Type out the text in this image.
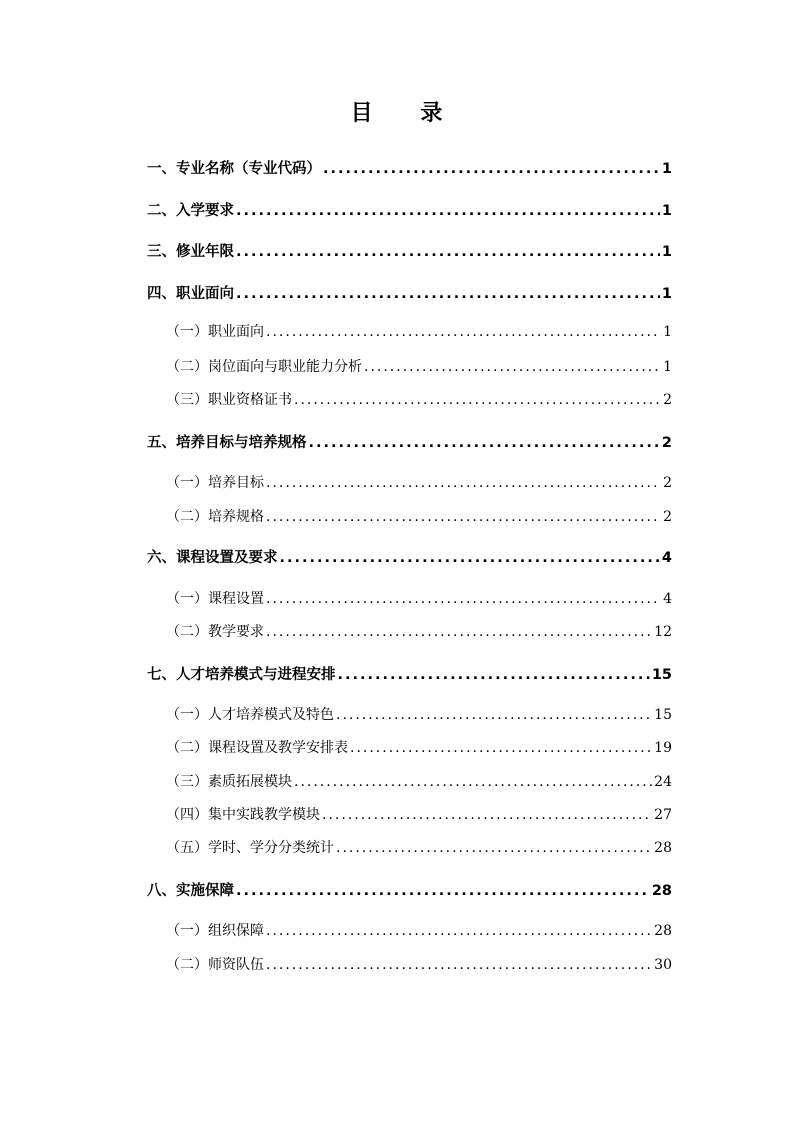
目 录
一、 专业名称（专业代码） .....	1
二、 入学要求 .....	1
三、 修业年限 .....	1
四、 职业面向 .....	1
（一） 职业面向 .....	1
（二） 岗位面向与职业能力分析 .....	1
（三） 职业资格证书 .....	2
五、 培养目标与培养规格 .....	2
（一） 培养目标 .....	2
（二） 培养规格 .....	2
六、 课程设置及要求 .....	4
（一） 课程设置 .....	4
（二） 教学要求 .....	12
七、 人才培养模式与进程安排 .....	15
（一） 人才培养模式及特色 .....	15
（二） 课程设置及教学安排表 .....	19
（三） 素质拓展模块 .....	24
（四） 集中实践教学模块 .....	27
（五） 学时、学分分类统计 .....	28
八、 实施保障 .....	28
（一） 组织保障 .....	28
（二） 师资队伍 .....	30
